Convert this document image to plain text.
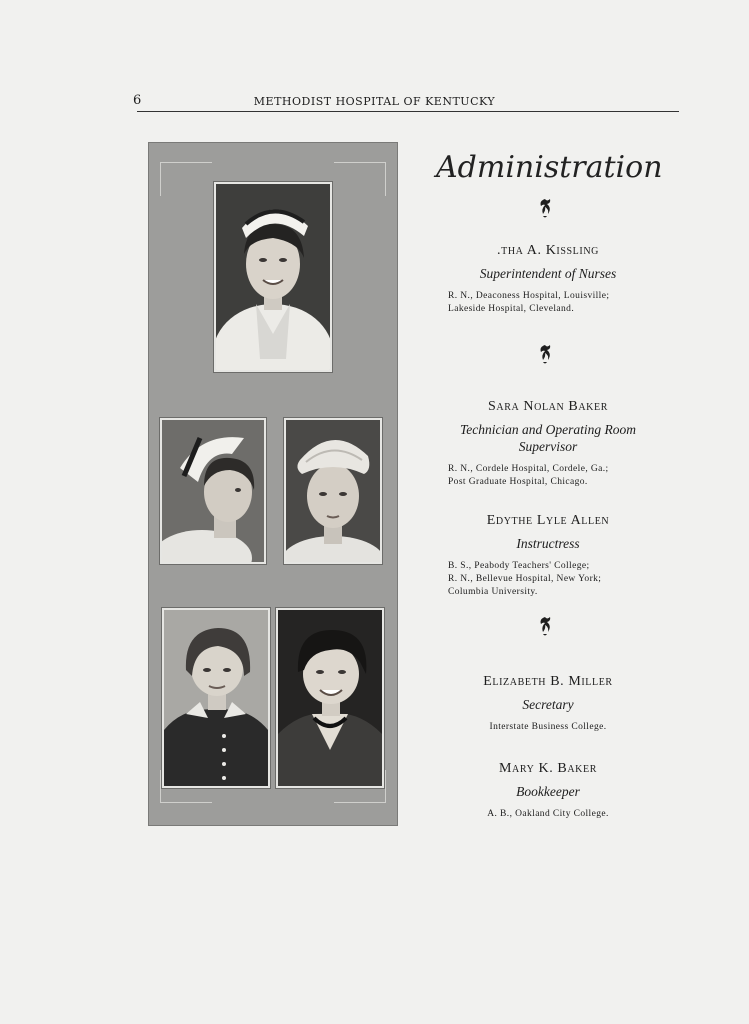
6	METHODIST HOSPITAL OF KENTUCKY
Administration
.tha A. Kissling
Superintendent of Nurses
R. N., Deaconess Hospital, Louisville;
Lakeside Hospital, Cleveland.
Sara Nolan Baker
Technician and Operating Room
Supervisor
R. N., Cordele Hospital, Cordele, Ga.;
Post Graduate Hospital, Chicago.
Edythe Lyle Allen
Instructress
B. S., Peabody Teachers' College;
R. N., Bellevue Hospital, New York;
Columbia University.
Elizabeth B. Miller
Secretary
Interstate Business College.
Mary K. Baker
Bookkeeper
A. B., Oakland City College.
